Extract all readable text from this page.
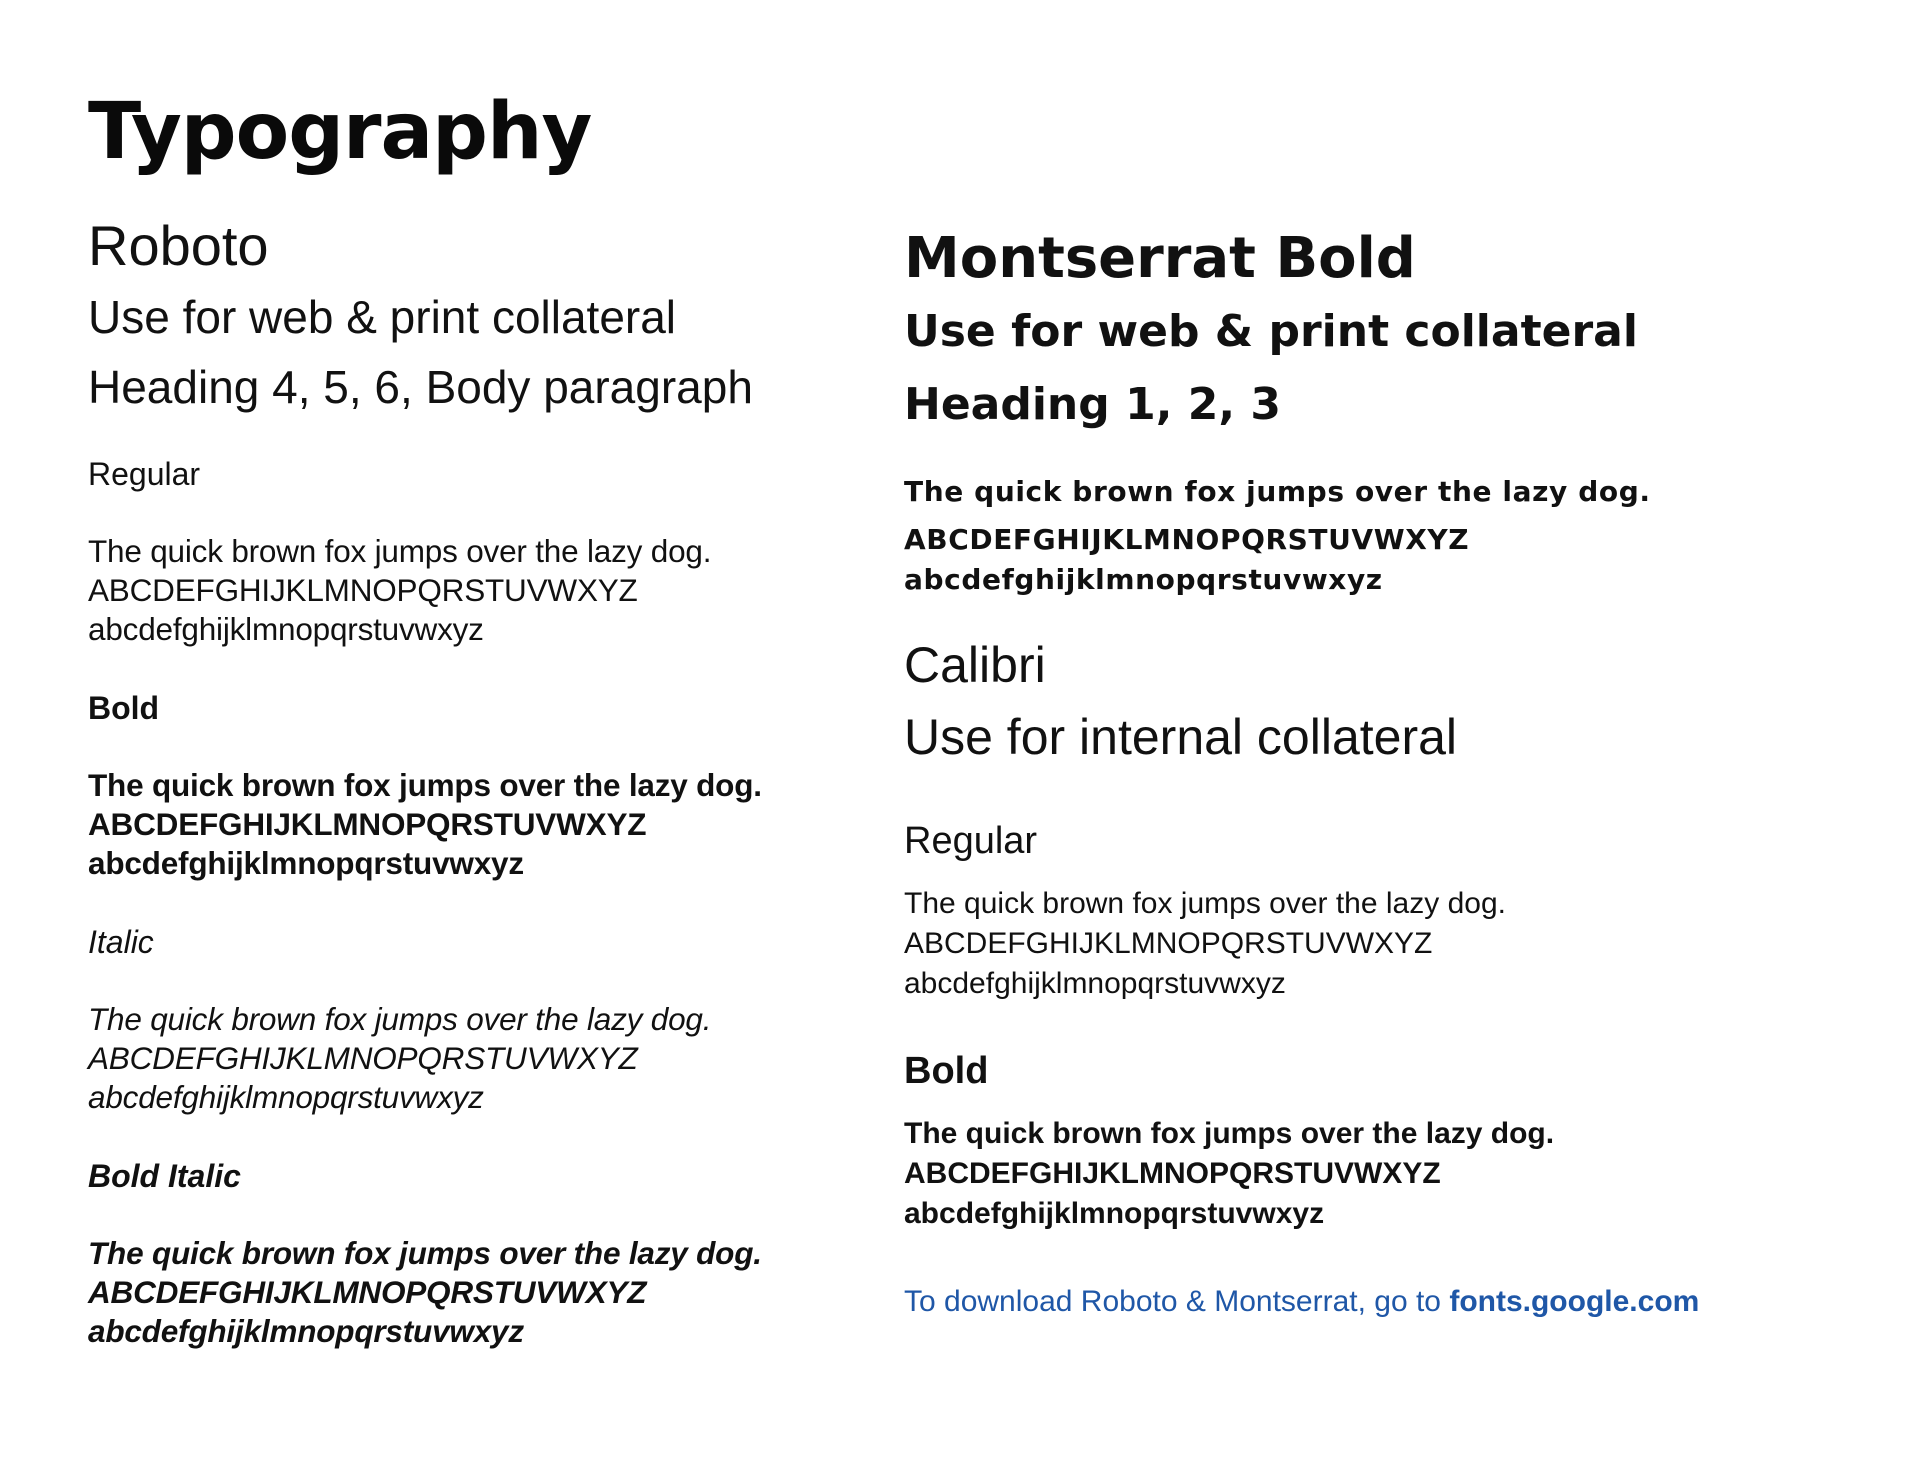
Typography
Roboto
Use for web & print collateral
Heading 4, 5, 6, Body paragraph
Regular
The quick brown fox jumps over the lazy dog.
ABCDEFGHIJKLMNOPQRSTUVWXYZ
abcdefghijklmnopqrstuvwxyz
Bold
The quick brown fox jumps over the lazy dog.
ABCDEFGHIJKLMNOPQRSTUVWXYZ
abcdefghijklmnopqrstuvwxyz
Italic
The quick brown fox jumps over the lazy dog.
ABCDEFGHIJKLMNOPQRSTUVWXYZ
abcdefghijklmnopqrstuvwxyz
Bold Italic
The quick brown fox jumps over the lazy dog.
ABCDEFGHIJKLMNOPQRSTUVWXYZ
abcdefghijklmnopqrstuvwxyz
Montserrat Bold
Use for web & print collateral
Heading 1, 2, 3
The quick brown fox jumps over the lazy dog.
ABCDEFGHIJKLMNOPQRSTUVWXYZ
abcdefghijklmnopqrstuvwxyz
Calibri
Use for internal collateral
Regular
The quick brown fox jumps over the lazy dog.
ABCDEFGHIJKLMNOPQRSTUVWXYZ
abcdefghijklmnopqrstuvwxyz
Bold
The quick brown fox jumps over the lazy dog.
ABCDEFGHIJKLMNOPQRSTUVWXYZ
abcdefghijklmnopqrstuvwxyz
To download Roboto & Montserrat, go to fonts.google.com
